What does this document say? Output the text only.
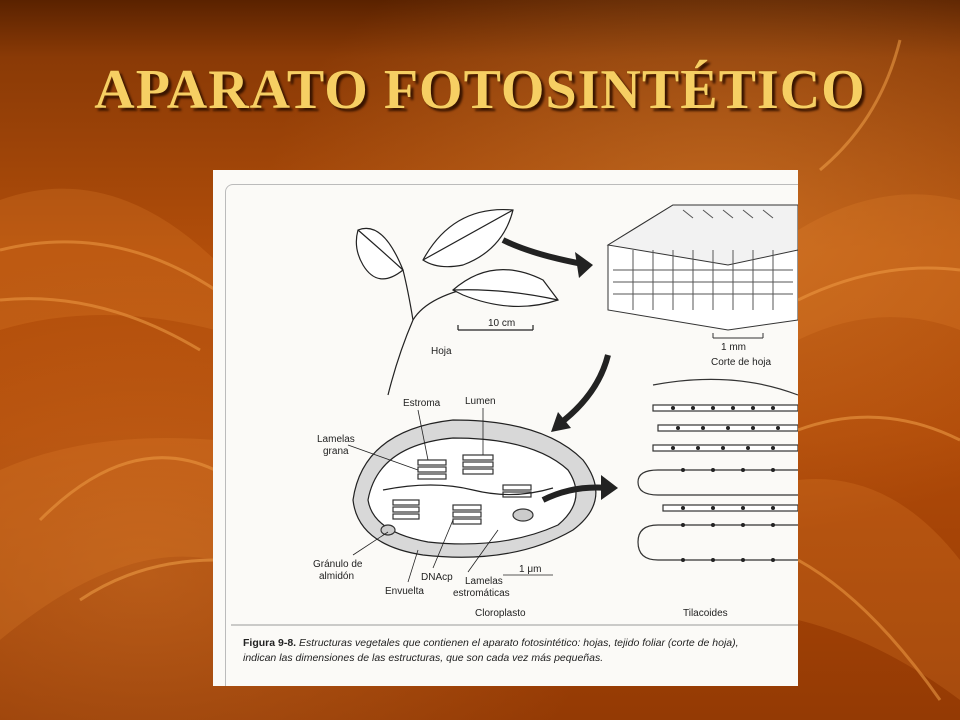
APARATO FOTOSINTÉTICO
10 cm
Hoja	1 mm
Corte de hoja
Estroma Lumen
Lamelas
grana
Gránulo de
almidón	DNAcp
Envuelta
Lamelas
estromáticas
1 μm
Cloroplasto	Tilacoides
Figura 9-8. Estructuras vegetales que contienen el aparato fotosintético: hojas, tejido foliar (corte de hoja),
indican las dimensiones de las estructuras, que son cada vez más pequeñas.
